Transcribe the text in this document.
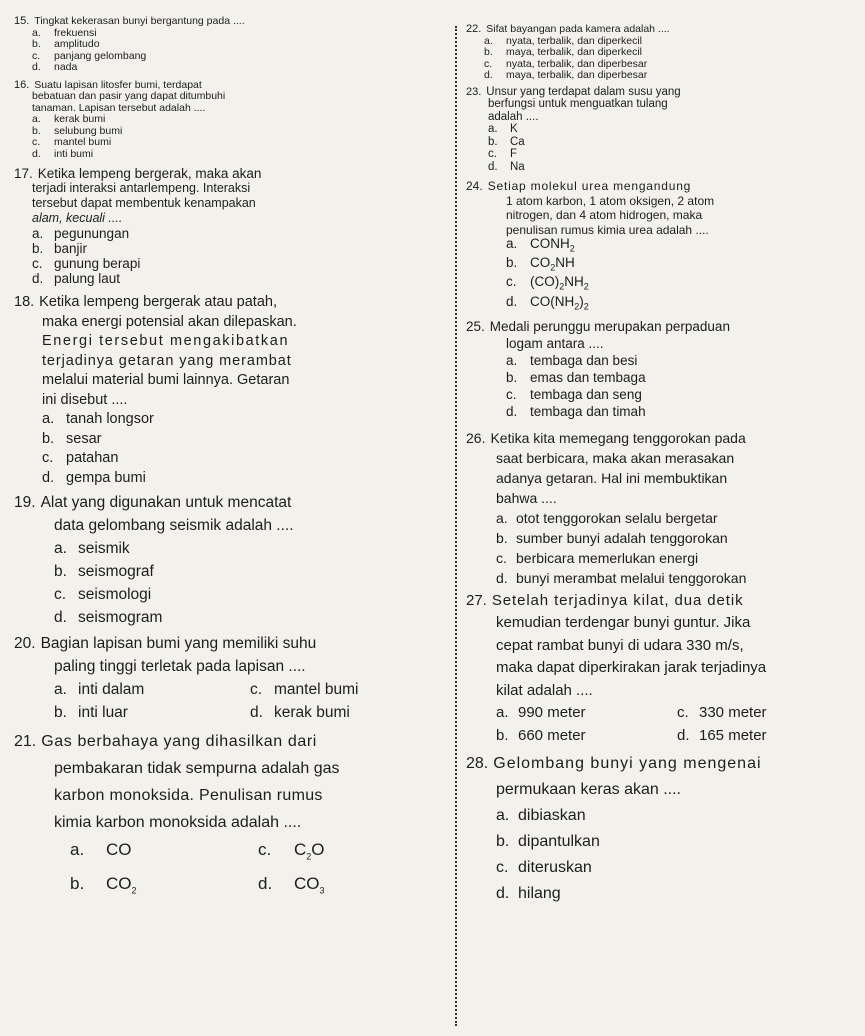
15. Tingkat kekerasan bunyi bergantung pada ....
a.	frekuensi
b.	amplitudo
c.	panjang gelombang
d.	nada
16. Suatu lapisan litosfer bumi, terdapat
bebatuan dan pasir yang dapat ditumbuhi
tanaman. Lapisan tersebut adalah ....
a.	kerak bumi
b.	selubung bumi
c.	mantel bumi
d.	inti bumi
17. Ketika lempeng bergerak, maka akan
terjadi interaksi antarlempeng. Interaksi
tersebut dapat membentuk kenampakan
alam, kecuali ....
a. pegunungan
b. banjir
c. gunung berapi
d. palung laut
18. Ketika lempeng bergerak atau patah,
maka energi potensial akan dilepaskan.
Energi tersebut mengakibatkan
terjadinya getaran yang merambat
melalui material bumi lainnya. Getaran
ini disebut ....
a. tanah longsor
b. sesar
c. patahan
d. gempa bumi
19. Alat yang digunakan untuk mencatat
data gelombang seismik adalah ....
a. seismik
b. seismograf
c. seismologi
d. seismogram
20. Bagian lapisan bumi yang memiliki suhu
paling tinggi terletak pada lapisan ....
a. inti dalam	c. mantel bumi
b. inti luar	d. kerak bumi
21. Gas berbahaya yang dihasilkan dari
pembakaran tidak sempurna adalah gas
karbon monoksida. Penulisan rumus
kimia karbon monoksida adalah ....
a.	CO	c.	$C_2O$
b.	$CO_2$	d.	$CO_3$
22. Sifat bayangan pada kamera adalah ....
a.	nyata, terbalik, dan diperkecil
b.	maya, terbalik, dan diperkecil
c.	nyata, terbalik, dan diperbesar
d.	maya, terbalik, dan diperbesar
23. Unsur yang terdapat dalam susu yang
berfungsi untuk menguatkan tulang
adalah ....
a.	K
b.	Ca
c.	F
d.	Na
24. Setiap molekul urea mengandung
1 atom karbon, 1 atom oksigen, 2 atom
nitrogen, dan 4 atom hidrogen, maka
penulisan rumus kimia urea adalah ....
a. $CONH_2$
b. $CO_2NH$
c. $(CO)_2NH_2$
d. $CO(NH_2)_2$
25. Medali perunggu merupakan perpaduan
logam antara ....
a. tembaga dan besi
b. emas dan tembaga
c. tembaga dan seng
d. tembaga dan timah
26. Ketika kita memegang tenggorokan pada
saat berbicara, maka akan merasakan
adanya getaran. Hal ini membuktikan
bahwa ....
a. otot tenggorokan selalu bergetar
b. sumber bunyi adalah tenggorokan
c. berbicara memerlukan energi
d. bunyi merambat melalui tenggorokan
27. Setelah terjadinya kilat, dua detik
kemudian terdengar bunyi guntur. Jika
cepat rambat bunyi di udara 330 m/s,
maka dapat diperkirakan jarak terjadinya
kilat adalah ....
a. 990 meter	c. 330 meter
b. 660 meter	d. 165 meter
28. Gelombang bunyi yang mengenai
permukaan keras akan ....
a. dibiaskan
b. dipantulkan
c. diteruskan
d. hilang
